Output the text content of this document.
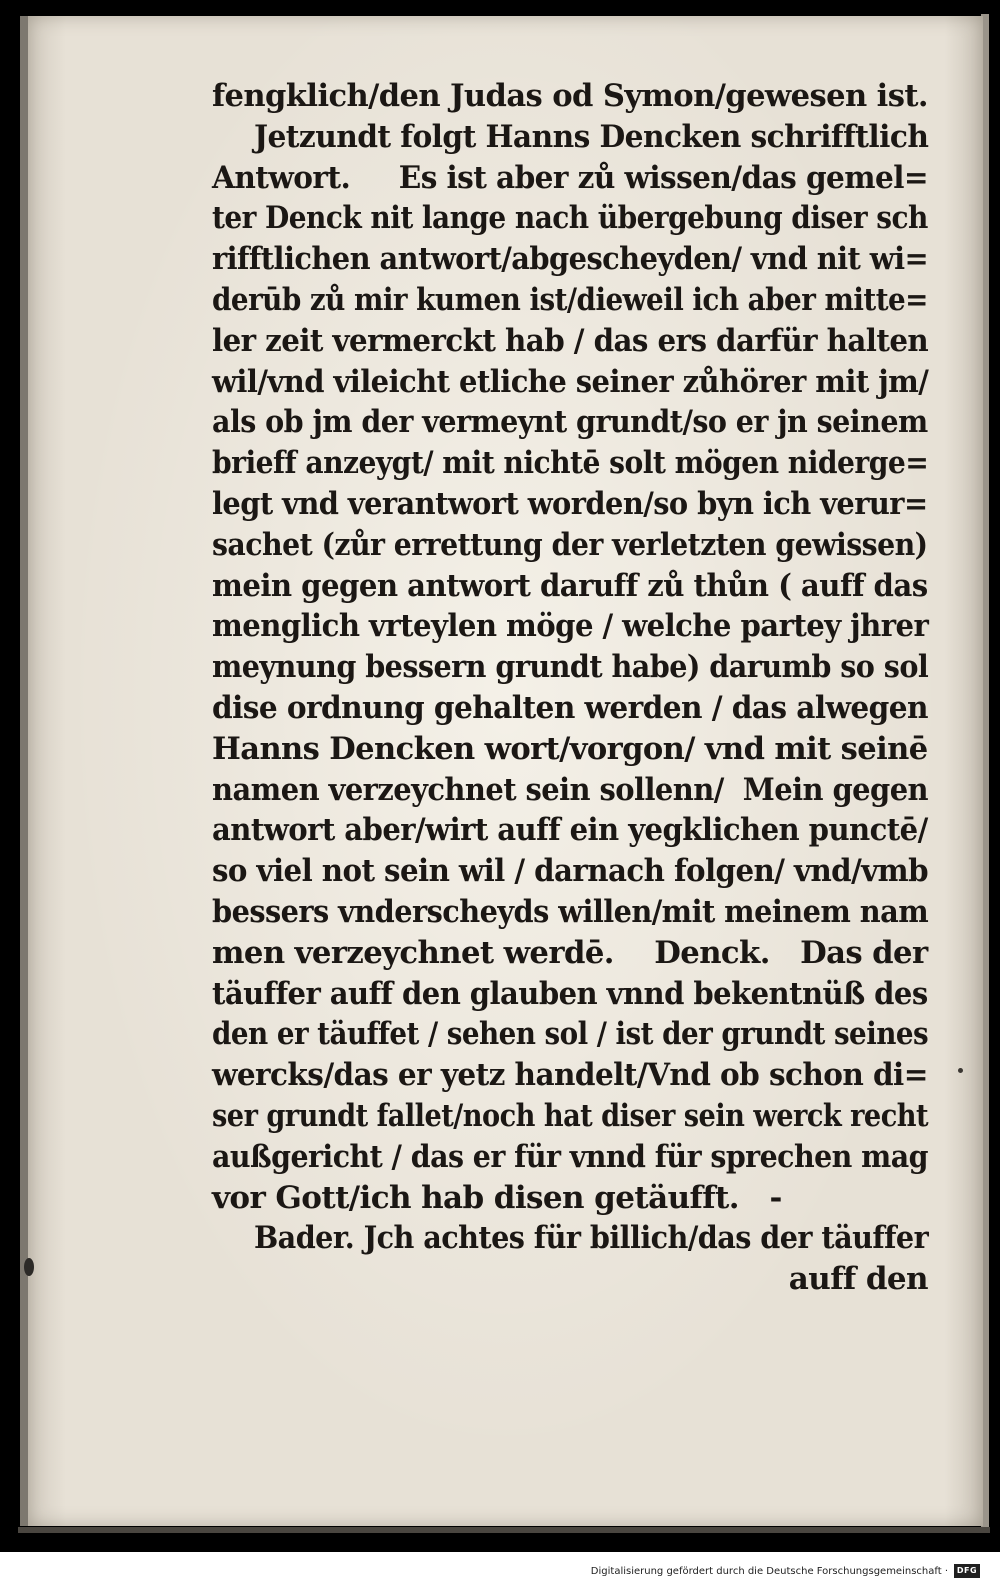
fengklich/den Judas od Symon/gewesen ist.
Jetzundt folgt Hanns Dencken schrifftlich
Antwort.     Es ist aber zů wissen/das gemel=
ter Denck nit lange nach übergebung diser sch
rifftlichen antwort/abgescheyden/ vnd nit wi=
derūb zů mir kumen ist/dieweil ich aber mitte=
ler zeit vermerckt hab / das ers darfür halten
wil/vnd vileicht etliche seiner zůhörer mit jm/
als ob jm der vermeynt grundt/so er jn seinem
brieff anzeygt/ mit nichtē solt mögen niderge=
legt vnd verantwort worden/so byn ich verur=
sachet (zůr errettung der verletzten gewissen)
mein gegen antwort daruff zů thůn ( auff das
menglich vrteylen möge / welche partey jhrer
meynung bessern grundt habe) darumb so sol
dise ordnung gehalten werden / das alwegen
Hanns Dencken wort/vorgon/ vnd mit seinē
namen verzeychnet sein sollenn/  Mein gegen
antwort aber/wirt auff ein yegklichen punctē/
so viel not sein wil / darnach folgen/ vnd/vmb
bessers vnderscheyds willen/mit meinem nam
men verzeychnet werdē.    Denck.   Das der
täuffer auff den glauben vnnd bekentnüß des
den er täuffet / sehen sol / ist der grundt seines
wercks/das er yetz handelt/Vnd ob schon di=
ser grundt fallet/noch hat diser sein werck recht
außgericht / das er für vnnd für sprechen mag
vor Gott/ich hab disen getäufft.   -
Bader. Jch achtes für billich/das der täuffer
auff den
Digitalisierung gefördert durch die Deutsche Forschungsgemeinschaft ·	DFG
